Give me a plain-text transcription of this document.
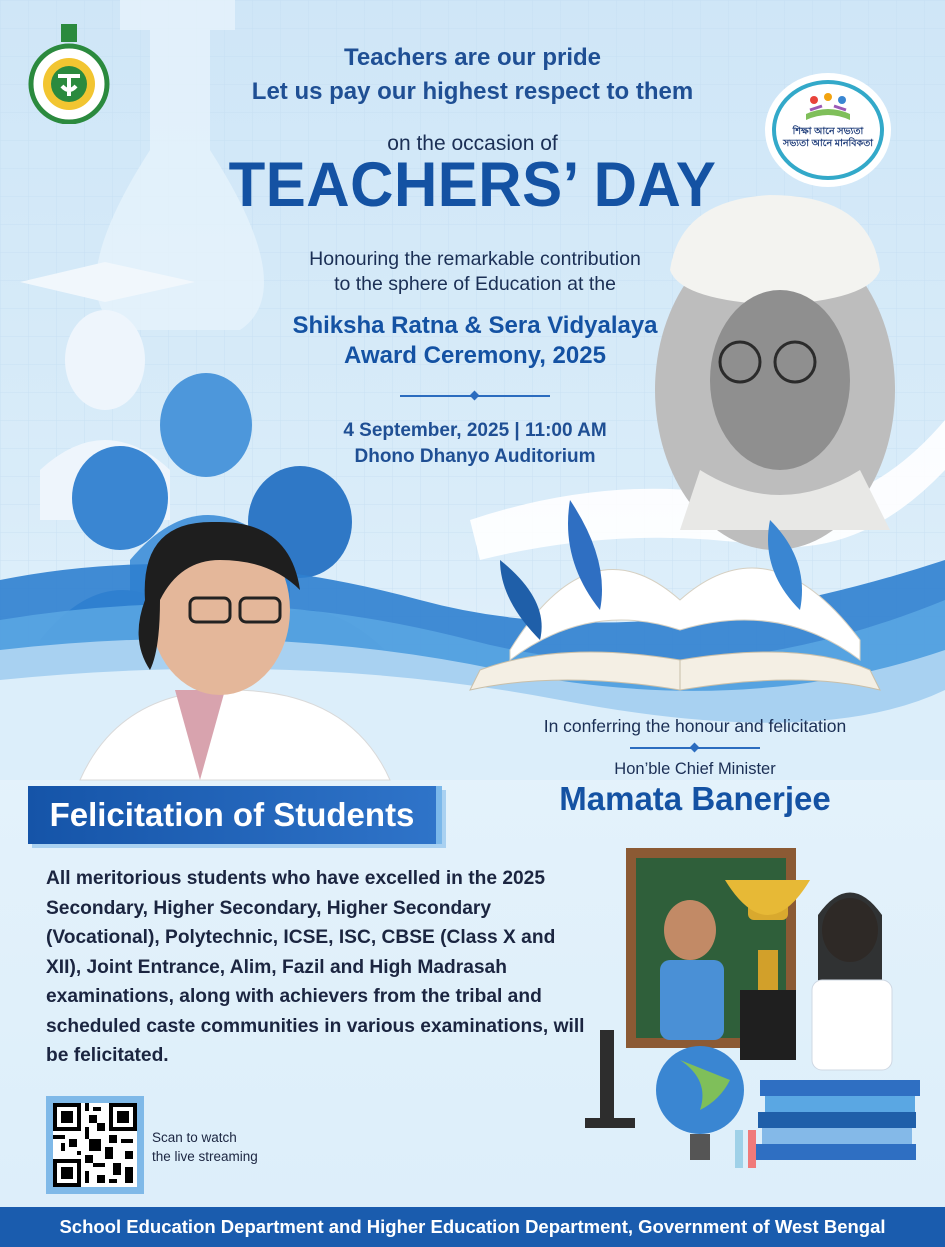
শিক্ষা আনে সভ্যতা
সভ্যতা আনে মানবিকতা
Teachers are our pride
Let us pay our highest respect to them
on the occasion of
TEACHERS’ DAY
Honouring the remarkable contribution
to the sphere of Education at the
Shiksha Ratna & Sera Vidyalaya
Award Ceremony, 2025
4 September, 2025 | 11:00 AM
Dhono Dhanyo Auditorium
In conferring the honour and felicitation
Hon’ble Chief Minister
Mamata Banerjee
Felicitation of Students
All meritorious students who have excelled in the 2025 Secondary, Higher Secondary, Higher Secondary (Vocational), Polytechnic, ICSE, ISC, CBSE (Class X and XII), Joint Entrance, Alim, Fazil and High Madrasah examinations, along with achievers from the tribal and scheduled caste communities in various examinations, will be felicitated.
Scan to watch
the live streaming
School Education Department and Higher Education Department, Government of West Bengal
